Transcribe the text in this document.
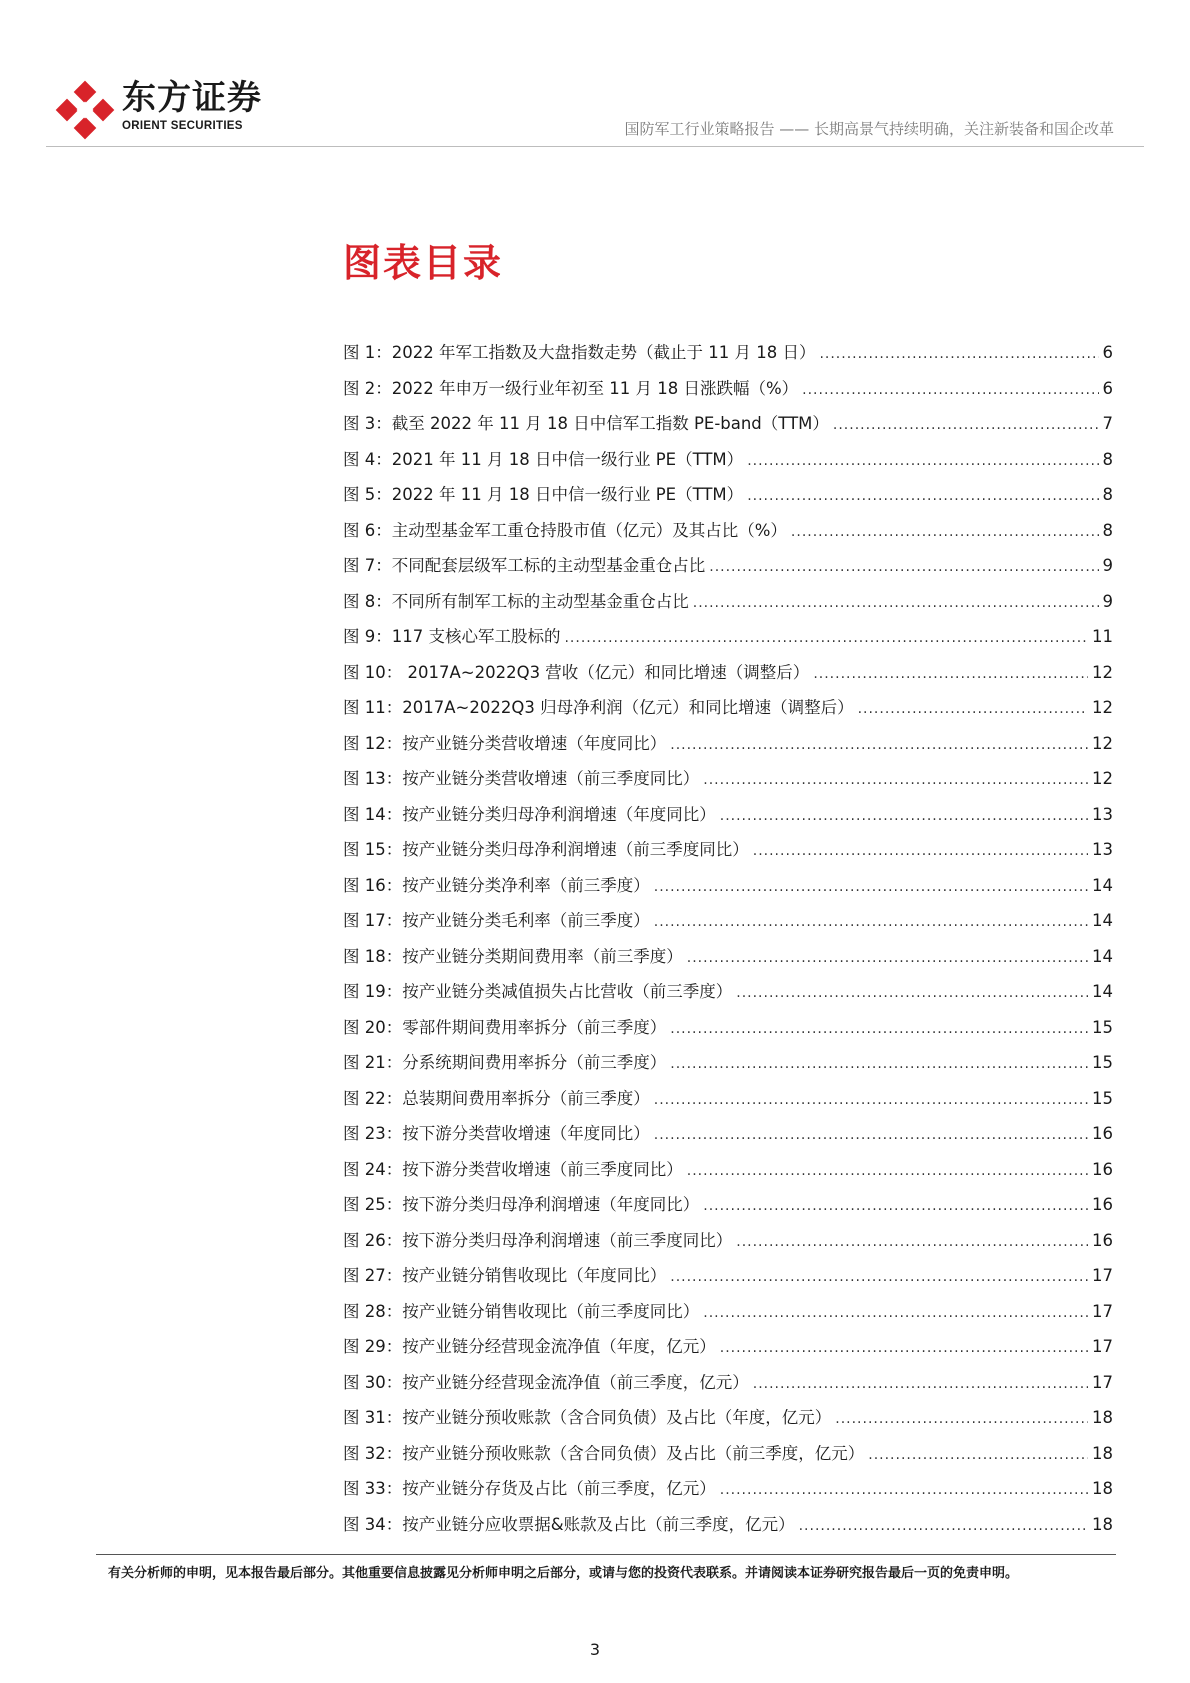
东方证券
ORIENT SECURITIES	国防军工行业策略报告 —— 长期高景气持续明确，关注新装备和国企改革
图表目录
图 1：2022 年军工指数及大盘指数走势（截止于 11 月 18 日） .....	6
图 2：2022 年申万一级行业年初至 11 月 18 日涨跌幅（%） .....	6
图 3：截至 2022 年 11 月 18 日中信军工指数 PE-band（TTM） .....	7
图 4：2021 年 11 月 18 日中信一级行业 PE（TTM） .....	8
图 5：2022 年 11 月 18 日中信一级行业 PE（TTM） .....	8
图 6：主动型基金军工重仓持股市值（亿元）及其占比（%） .....	8
图 7：不同配套层级军工标的主动型基金重仓占比 .....	9
图 8：不同所有制军工标的主动型基金重仓占比 .....	9
图 9：117 支核心军工股标的 .....	11
图 10： 2017A~2022Q3 营收（亿元）和同比增速（调整后） .....	12
图 11：2017A~2022Q3 归母净利润（亿元）和同比增速（调整后） .....	12
图 12：按产业链分类营收增速（年度同比） .....	12
图 13：按产业链分类营收增速（前三季度同比） .....	12
图 14：按产业链分类归母净利润增速（年度同比） .....	13
图 15：按产业链分类归母净利润增速（前三季度同比） .....	13
图 16：按产业链分类净利率（前三季度） .....	14
图 17：按产业链分类毛利率（前三季度） .....	14
图 18：按产业链分类期间费用率（前三季度） .....	14
图 19：按产业链分类减值损失占比营收（前三季度） .....	14
图 20：零部件期间费用率拆分（前三季度） .....	15
图 21：分系统期间费用率拆分（前三季度） .....	15
图 22：总装期间费用率拆分（前三季度） .....	15
图 23：按下游分类营收增速（年度同比） .....	16
图 24：按下游分类营收增速（前三季度同比） .....	16
图 25：按下游分类归母净利润增速（年度同比） .....	16
图 26：按下游分类归母净利润增速（前三季度同比） .....	16
图 27：按产业链分销售收现比（年度同比） .....	17
图 28：按产业链分销售收现比（前三季度同比） .....	17
图 29：按产业链分经营现金流净值（年度，亿元） .....	17
图 30：按产业链分经营现金流净值（前三季度，亿元） .....	17
图 31：按产业链分预收账款（含合同负债）及占比（年度，亿元） .....	18
图 32：按产业链分预收账款（含合同负债）及占比（前三季度，亿元） .....	18
图 33：按产业链分存货及占比（前三季度，亿元） .....	18
图 34：按产业链分应收票据&账款及占比（前三季度，亿元） .....	18
有关分析师的申明，见本报告最后部分。其他重要信息披露见分析师申明之后部分，或请与您的投资代表联系。并请阅读本证券研究报告最后一页的免责申明。
3
